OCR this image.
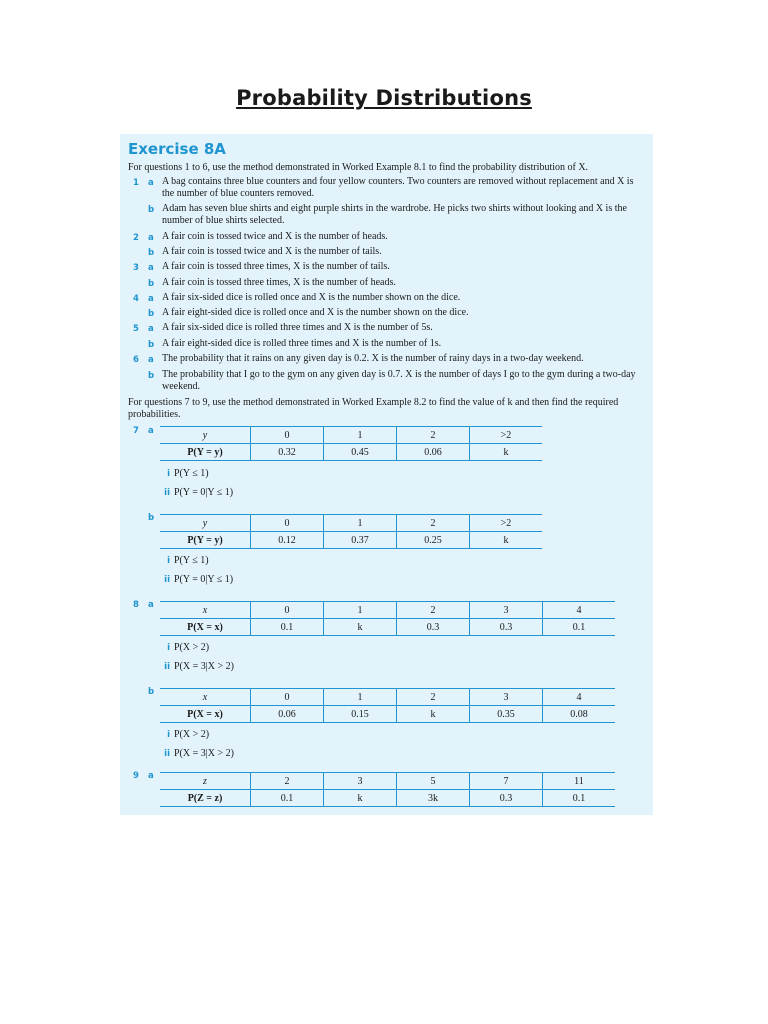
Probability Distributions
Exercise 8A
For questions 1 to 6, use the method demonstrated in Worked Example 8.1 to find the probability distribution of X.
1 a A bag contains three blue counters and four yellow counters. Two counters are removed without replacement and X is the number of blue counters removed.
b Adam has seven blue shirts and eight purple shirts in the wardrobe. He picks two shirts without looking and X is the number of blue shirts selected.
2 a A fair coin is tossed twice and X is the number of heads.
b A fair coin is tossed twice and X is the number of tails.
3 a A fair coin is tossed three times, X is the number of tails.
b A fair coin is tossed three times, X is the number of heads.
4 a A fair six-sided dice is rolled once and X is the number shown on the dice.
b A fair eight-sided dice is rolled once and X is the number shown on the dice.
5 a A fair six-sided dice is rolled three times and X is the number of 5s.
b A fair eight-sided dice is rolled three times and X is the number of 1s.
6 a The probability that it rains on any given day is 0.2. X is the number of rainy days in a two-day weekend.
b The probability that I go to the gym on any given day is 0.7. X is the number of days I go to the gym during a two-day weekend.
For questions 7 to 9, use the method demonstrated in Worked Example 8.2 to find the value of k and then find the required probabilities.
7 a	y	0	1	2	>2
P(Y = y)	0.32	0.45	0.06	k
i P(Y ≤ 1)
ii P(Y = 0|Y ≤ 1)
b	y	0	1	2	>2
P(Y = y)	0.12	0.37	0.25	k
i P(Y ≤ 1)
ii P(Y = 0|Y ≤ 1)
8 a	x	0	1	2	3	4
P(X = x)	0.1	k	0.3	0.3	0.1
i P(X > 2)
ii P(X = 3|X > 2)
b	x	0	1	2	3	4
P(X = x)	0.06	0.15	k	0.35	0.08
i P(X > 2)
ii P(X = 3|X > 2)
9 a	z	2	3	5	7	11
P(Z = z)	0.1	k	3k	0.3	0.1
